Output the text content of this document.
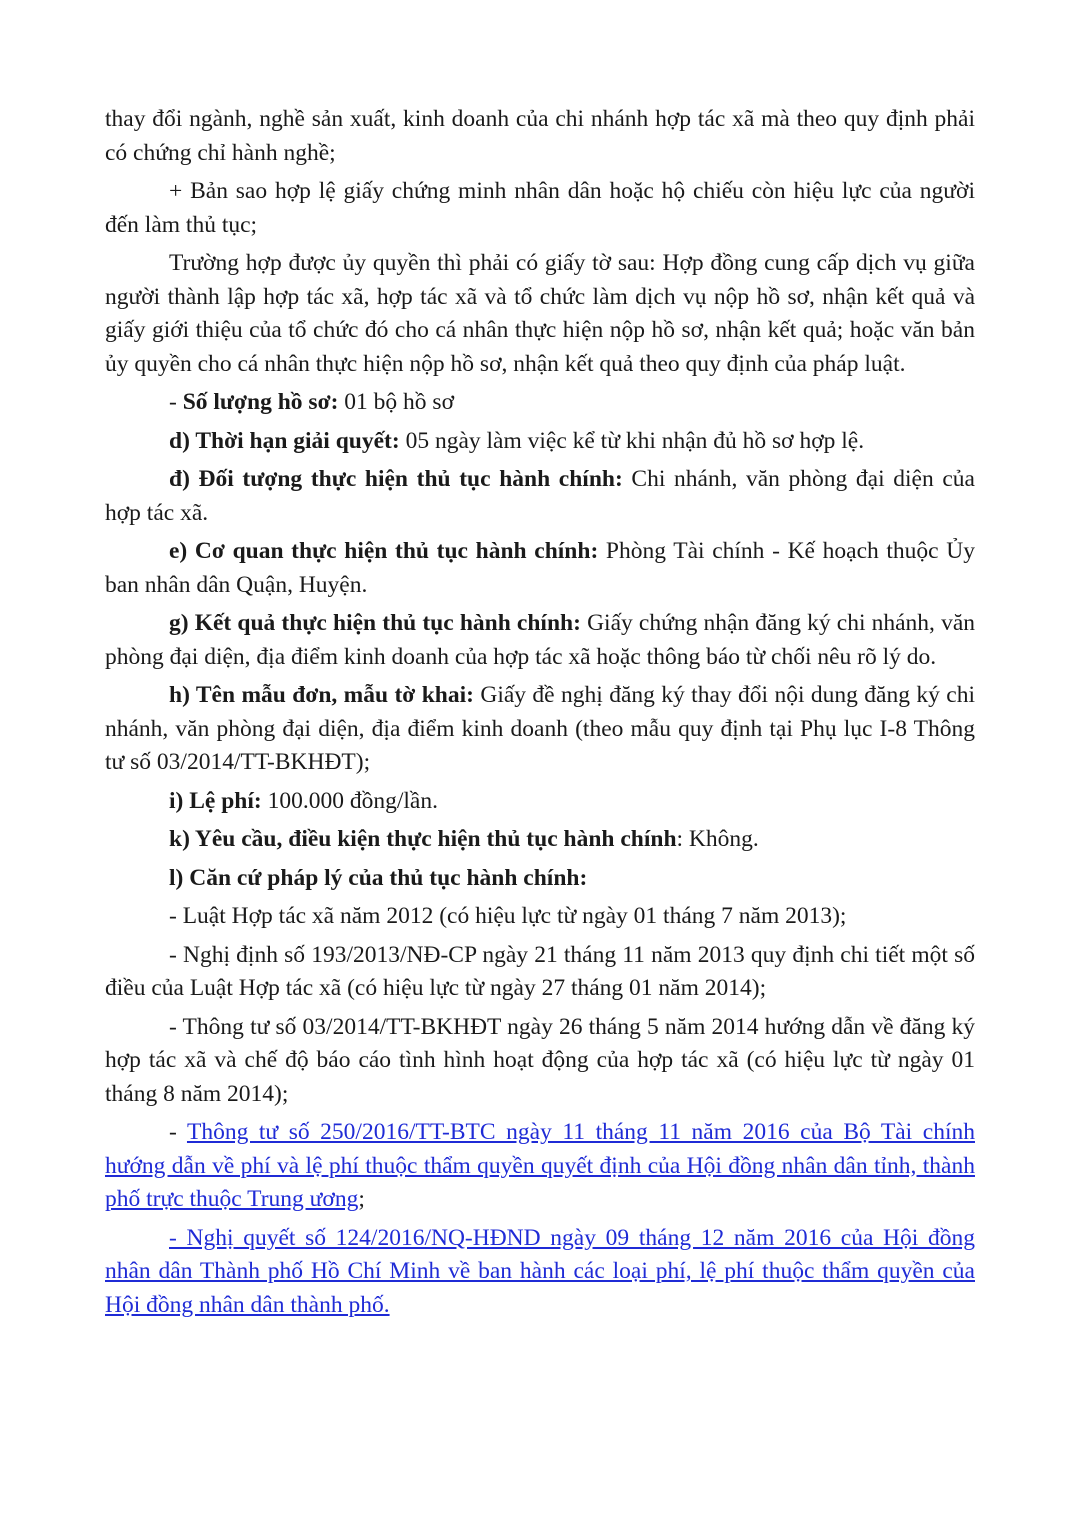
thay đổi ngành, nghề sản xuất, kinh doanh của chi nhánh hợp tác xã mà theo quy định phải có chứng chỉ hành nghề;

+ Bản sao hợp lệ giấy chứng minh nhân dân hoặc hộ chiếu còn hiệu lực của người đến làm thủ tục;

Trường hợp được ủy quyền thì phải có giấy tờ sau: Hợp đồng cung cấp dịch vụ giữa người thành lập hợp tác xã, hợp tác xã và tổ chức làm dịch vụ nộp hồ sơ, nhận kết quả và giấy giới thiệu của tổ chức đó cho cá nhân thực hiện nộp hồ sơ, nhận kết quả; hoặc văn bản ủy quyền cho cá nhân thực hiện nộp hồ sơ, nhận kết quả theo quy định của pháp luật.

- Số lượng hồ sơ: 01 bộ hồ sơ

d) Thời hạn giải quyết: 05 ngày làm việc kể từ khi nhận đủ hồ sơ hợp lệ.

đ) Đối tượng thực hiện thủ tục hành chính: Chi nhánh, văn phòng đại diện của hợp tác xã.

e) Cơ quan thực hiện thủ tục hành chính: Phòng Tài chính - Kế hoạch thuộc Ủy ban nhân dân Quận, Huyện.

g) Kết quả thực hiện thủ tục hành chính: Giấy chứng nhận đăng ký chi nhánh, văn phòng đại diện, địa điểm kinh doanh của hợp tác xã hoặc thông báo từ chối nêu rõ lý do.

h) Tên mẫu đơn, mẫu tờ khai: Giấy đề nghị đăng ký thay đổi nội dung đăng ký chi nhánh, văn phòng đại diện, địa điểm kinh doanh (theo mẫu quy định tại Phụ lục I-8 Thông tư số 03/2014/TT-BKHĐT);

i) Lệ phí: 100.000 đồng/lần.

k) Yêu cầu, điều kiện thực hiện thủ tục hành chính: Không.

l) Căn cứ pháp lý của thủ tục hành chính:

- Luật Hợp tác xã năm 2012 (có hiệu lực từ ngày 01 tháng 7 năm 2013);

- Nghị định số 193/2013/NĐ-CP ngày 21 tháng 11 năm 2013 quy định chi tiết một số điều của Luật Hợp tác xã (có hiệu lực từ ngày 27 tháng 01 năm 2014);

- Thông tư số 03/2014/TT-BKHĐT ngày 26 tháng 5 năm 2014 hướng dẫn về đăng ký hợp tác xã và chế độ báo cáo tình hình hoạt động của hợp tác xã (có hiệu lực từ ngày 01 tháng 8 năm 2014);

- Thông tư số 250/2016/TT-BTC ngày 11 tháng 11 năm 2016 của Bộ Tài chính hướng dẫn về phí và lệ phí thuộc thẩm quyền quyết định của Hội đồng nhân dân tỉnh, thành phố trực thuộc Trung ương;

- Nghị quyết số 124/2016/NQ-HĐND ngày 09 tháng 12 năm 2016 của Hội đồng nhân dân Thành phố Hồ Chí Minh về ban hành các loại phí, lệ phí thuộc thẩm quyền của Hội đồng nhân dân thành phố.
